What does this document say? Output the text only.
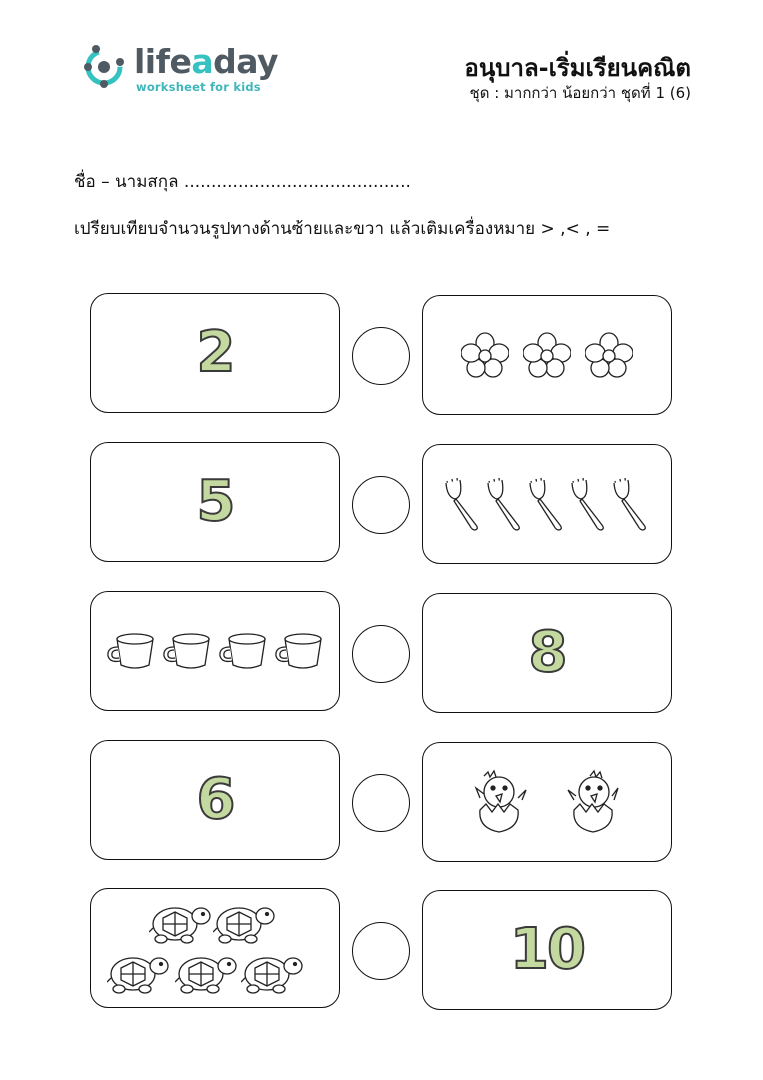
lifeaday
worksheet for kids
อนุบาล-เริ่มเรียนคณิต
ชุด : มากกว่า น้อยกว่า ชุดที่ 1 (6)
ชื่อ – นามสกุล ..........................................
เปรียบเทียบจำนวนรูปทางด้านซ้ายและขวา แล้วเติมเครื่องหมาย > ,< , =
2
5
8
6
10
